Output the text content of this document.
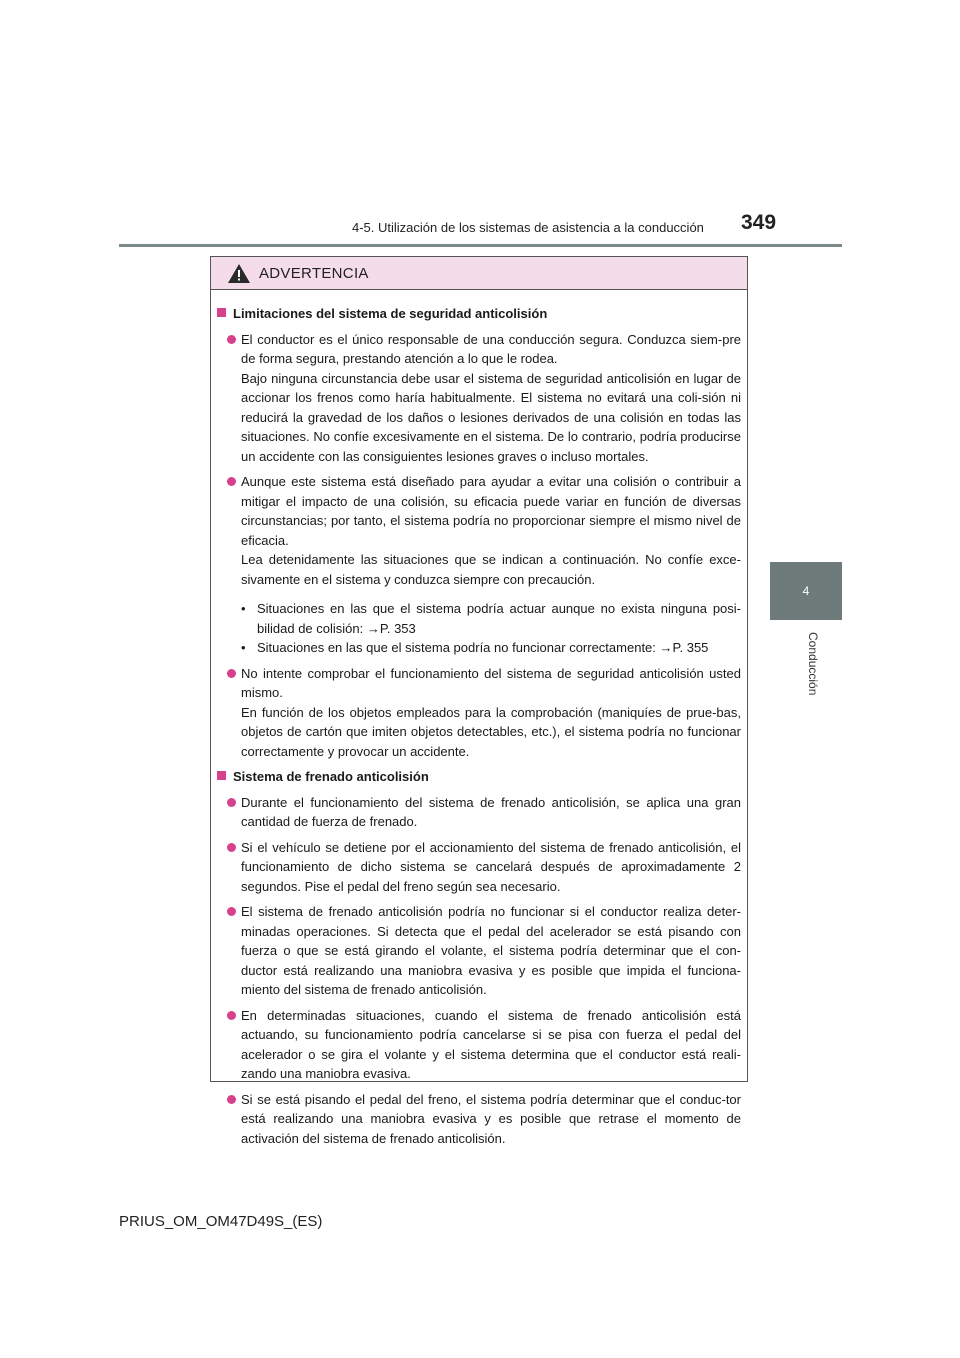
4-5. Utilización de los sistemas de asistencia a la conducción 349
4
Conducción
ADVERTENCIA
Limitaciones del sistema de seguridad anticolisión

El conductor es el único responsable de una conducción segura. Conduzca siem-pre de forma segura, prestando atención a lo que le rodea.

Bajo ninguna circunstancia debe usar el sistema de seguridad anticolisión en lugar de accionar los frenos como haría habitualmente. El sistema no evitará una coli-sión ni reducirá la gravedad de los daños o lesiones derivados de una colisión en todas las situaciones. No confíe excesivamente en el sistema. De lo contrario, podría producirse un accidente con las consiguientes lesiones graves o incluso mortales.

Aunque este sistema está diseñado para ayudar a evitar una colisión o contribuir a mitigar el impacto de una colisión, su eficacia puede variar en función de diversas circunstancias; por tanto, el sistema podría no proporcionar siempre el mismo nivel de eficacia.

Lea detenidamente las situaciones que se indican a continuación. No confíe exce-sivamente en el sistema y conduzca siempre con precaución.

• Situaciones en las que el sistema podría actuar aunque no exista ninguna posi-bilidad de colisión: →P. 353
• Situaciones en las que el sistema podría no funcionar correctamente: →P. 355

No intente comprobar el funcionamiento del sistema de seguridad anticolisión usted mismo.

En función de los objetos empleados para la comprobación (maniquíes de prue-bas, objetos de cartón que imiten objetos detectables, etc.), el sistema podría no funcionar correctamente y provocar un accidente.

Sistema de frenado anticolisión

Durante el funcionamiento del sistema de frenado anticolisión, se aplica una gran cantidad de fuerza de frenado.

Si el vehículo se detiene por el accionamiento del sistema de frenado anticolisión, el funcionamiento de dicho sistema se cancelará después de aproximadamente 2 segundos. Pise el pedal del freno según sea necesario.

El sistema de frenado anticolisión podría no funcionar si el conductor realiza deter-minadas operaciones. Si detecta que el pedal del acelerador se está pisando con fuerza o que se está girando el volante, el sistema podría determinar que el con-ductor está realizando una maniobra evasiva y es posible que impida el funciona-miento del sistema de frenado anticolisión.

En determinadas situaciones, cuando el sistema de frenado anticolisión está actuando, su funcionamiento podría cancelarse si se pisa con fuerza el pedal del acelerador o se gira el volante y el sistema determina que el conductor está reali-zando una maniobra evasiva.

Si se está pisando el pedal del freno, el sistema podría determinar que el conduc-tor está realizando una maniobra evasiva y es posible que retrase el momento de activación del sistema de frenado anticolisión.

PRIUS_OM_OM47D49S_(ES)
